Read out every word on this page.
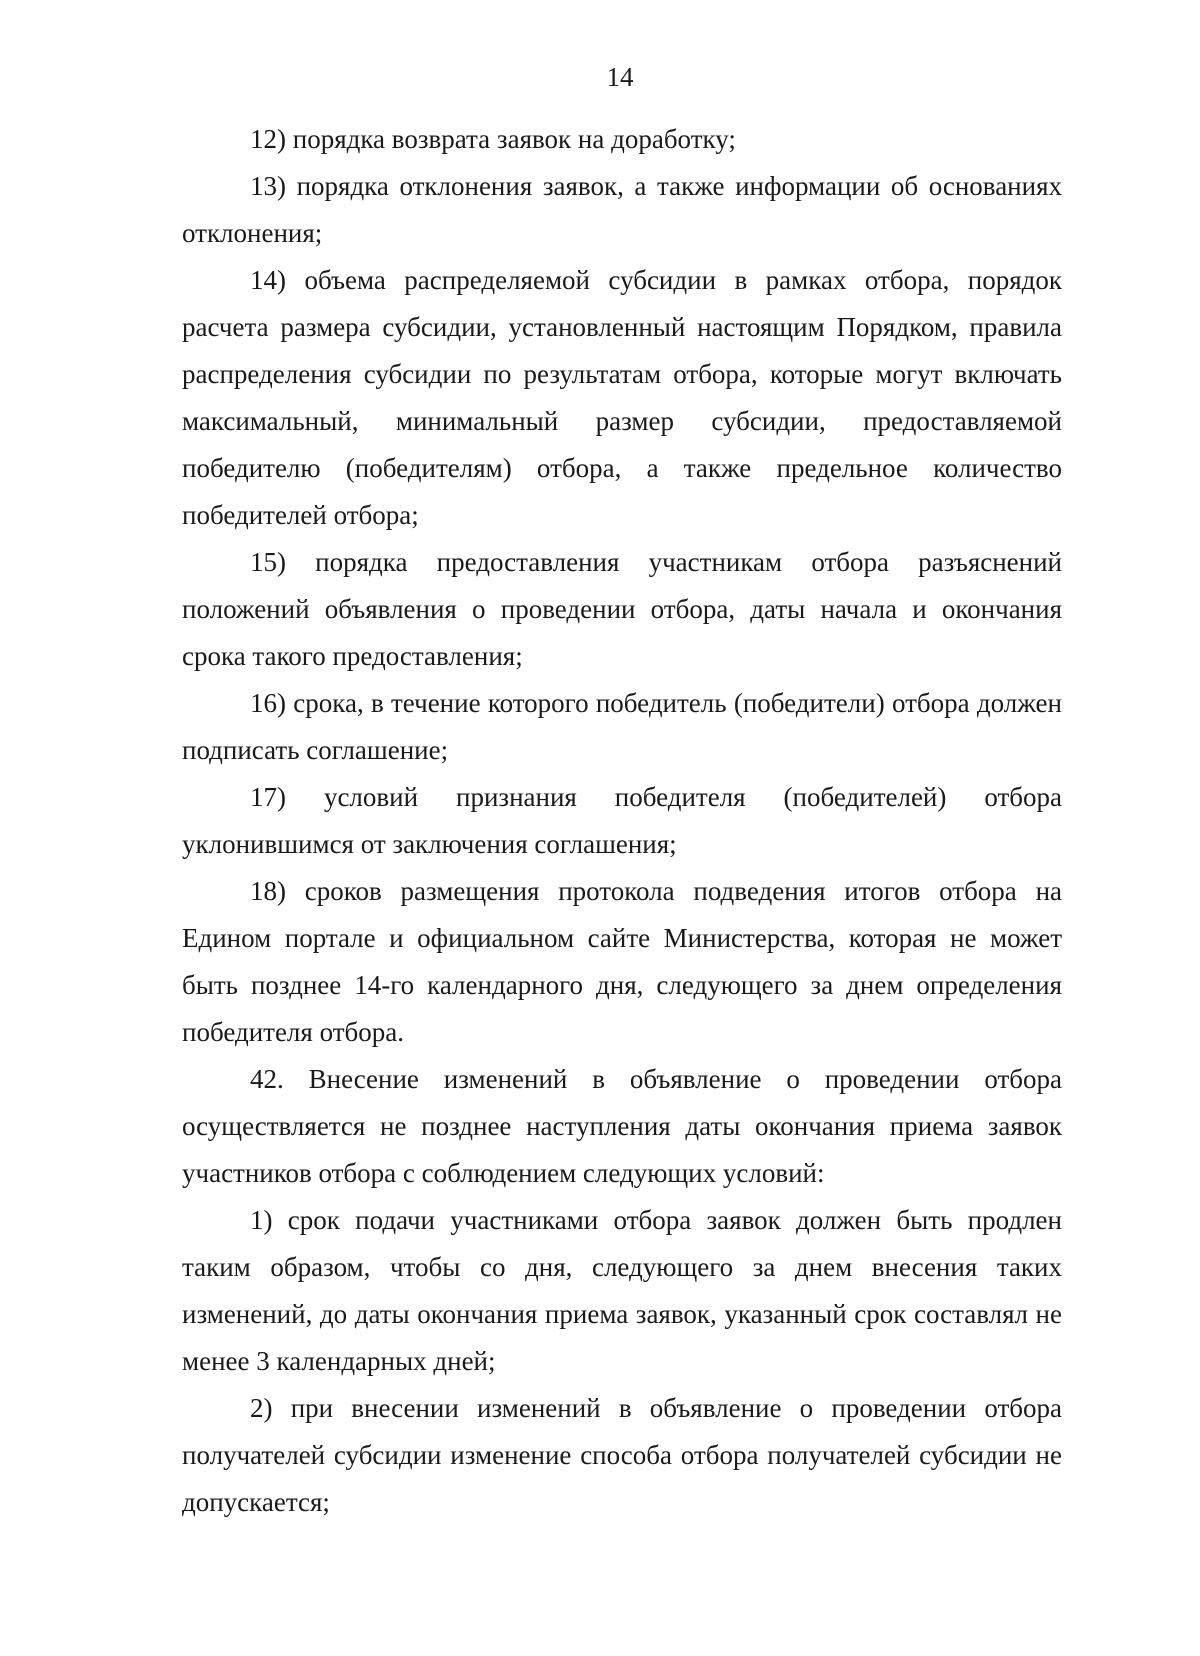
14

12) порядка возврата заявок на доработку;

13) порядка отклонения заявок, а также информации об основаниях отклонения;

14) объема распределяемой субсидии в рамках отбора, порядок расчета размера субсидии, установленный настоящим Порядком, правила распределения субсидии по результатам отбора, которые могут включать максимальный, минимальный размер субсидии, предоставляемой победителю (победителям) отбора, а также предельное количество победителей отбора;

15) порядка предоставления участникам отбора разъяснений положений объявления о проведении отбора, даты начала и окончания срока такого предоставления;

16) срока, в течение которого победитель (победители) отбора должен подписать соглашение;

17) условий признания победителя (победителей) отбора уклонившимся от заключения соглашения;

18) сроков размещения протокола подведения итогов отбора на Едином портале и официальном сайте Министерства, которая не может быть позднее 14-го календарного дня, следующего за днем определения победителя отбора.

42. Внесение изменений в объявление о проведении отбора осуществляется не позднее наступления даты окончания приема заявок участников отбора с соблюдением следующих условий:

1) срок подачи участниками отбора заявок должен быть продлен таким образом, чтобы со дня, следующего за днем внесения таких изменений, до даты окончания приема заявок, указанный срок составлял не менее 3 календарных дней;

2) при внесении изменений в объявление о проведении отбора получателей субсидии изменение способа отбора получателей субсидии не допускается;
